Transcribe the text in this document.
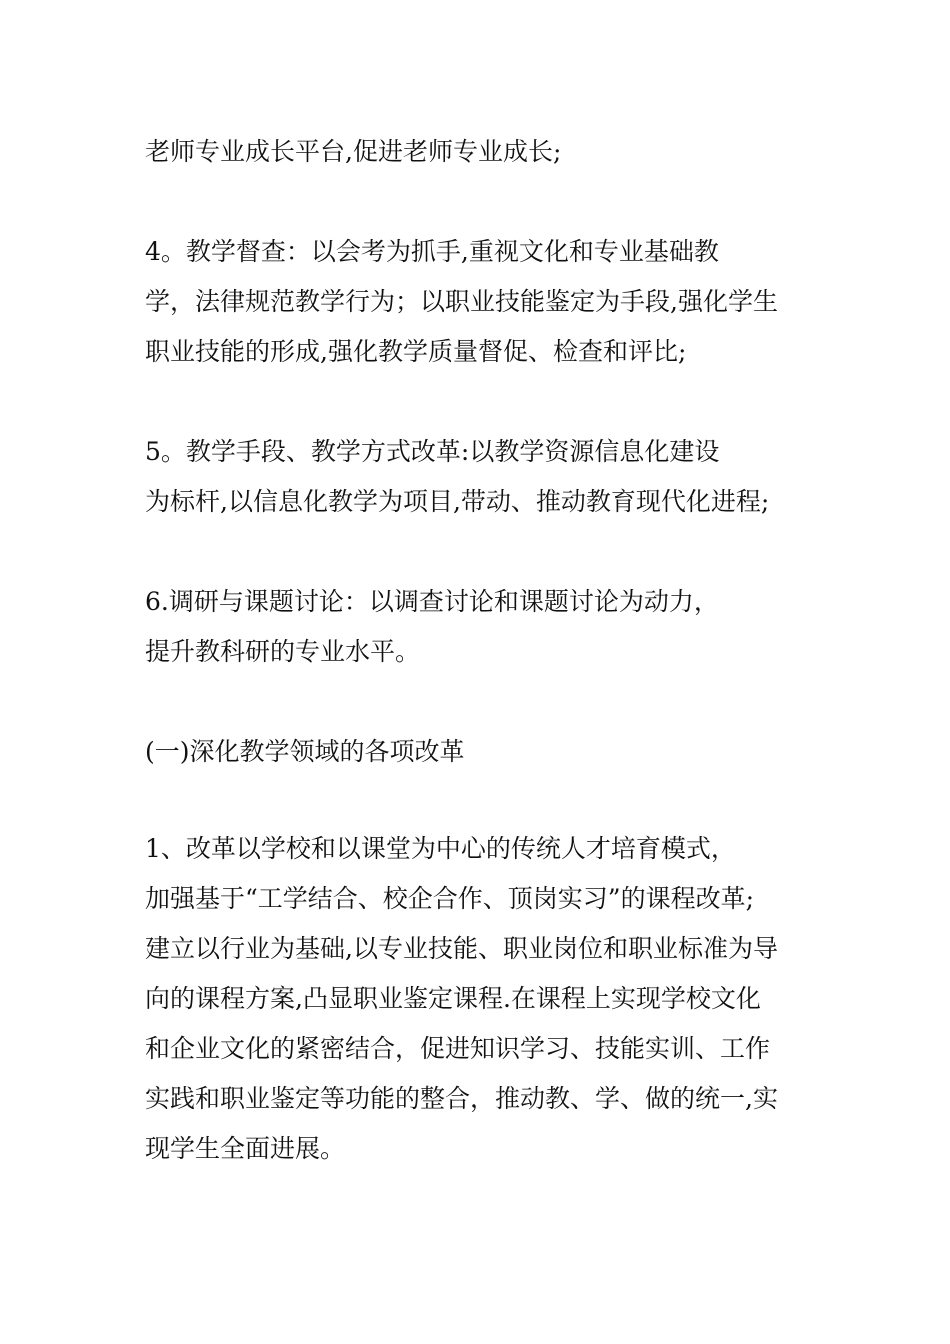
老师专业成长平台,促进老师专业成长;
4。教学督查：以会考为抓手,重视文化和专业基础教
学，法律规范教学行为；以职业技能鉴定为手段,强化学生
职业技能的形成,强化教学质量督促、检查和评比;
5。教学手段、教学方式改革:以教学资源信息化建设
为标杆,以信息化教学为项目,带动、推动教育现代化进程;
6.调研与课题讨论：以调查讨论和课题讨论为动力，
提升教科研的专业水平。
(一)深化教学领域的各项改革
1、改革以学校和以课堂为中心的传统人才培育模式，
加强基于“工学结合、校企合作、顶岗实习”的课程改革;
建立以行业为基础,以专业技能、职业岗位和职业标准为导
向的课程方案,凸显职业鉴定课程.在课程上实现学校文化
和企业文化的紧密结合，促进知识学习、技能实训、工作
实践和职业鉴定等功能的整合，推动教、学、做的统一,实
现学生全面进展。
